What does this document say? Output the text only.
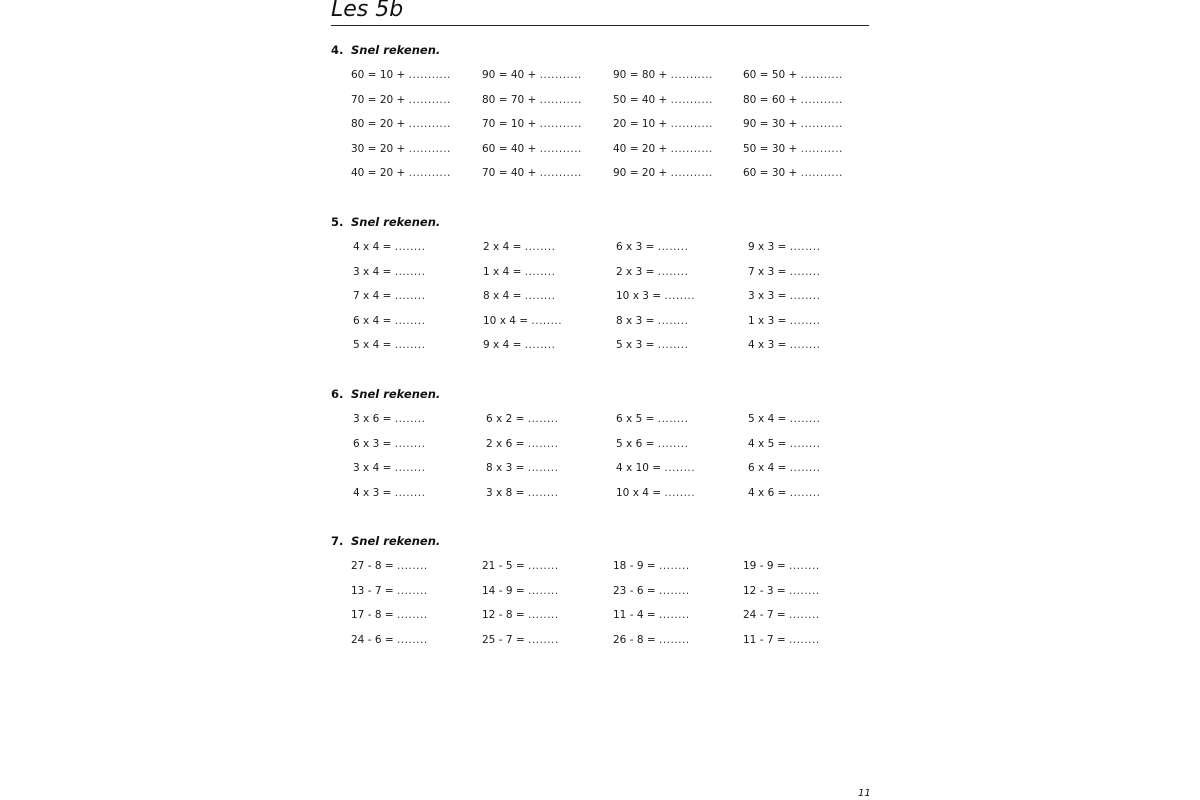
Les 5b
4. Snel rekenen.
60 = 10 + ...........	90 = 40 + ...........	90 = 80 + ...........	60 = 50 + ...........
70 = 20 + ...........	80 = 70 + ...........	50 = 40 + ...........	80 = 60 + ...........
80 = 20 + ...........	70 = 10 + ...........	20 = 10 + ...........	90 = 30 + ...........
30 = 20 + ...........	60 = 40 + ...........	40 = 20 + ...........	50 = 30 + ...........
40 = 20 + ...........	70 = 40 + ...........	90 = 20 + ...........	60 = 30 + ...........
5. Snel rekenen.
4 x 4 = ........	2 x 4 = ........	6 x 3 = ........	9 x 3 = ........
3 x 4 = ........	1 x 4 = ........	2 x 3 = ........	7 x 3 = ........
7 x 4 = ........	8 x 4 = ........	10 x 3 = ........	3 x 3 = ........
6 x 4 = ........	10 x 4 = ........	8 x 3 = ........	1 x 3 = ........
5 x 4 = ........	9 x 4 = ........	5 x 3 = ........	4 x 3 = ........
6. Snel rekenen.
3 x 6 = ........	6 x 2 = ........	6 x 5 = ........	5 x 4 = ........
6 x 3 = ........	2 x 6 = ........	5 x 6 = ........	4 x 5 = ........
3 x 4 = ........	8 x 3 = ........	4 x 10 = ........	6 x 4 = ........
4 x 3 = ........	3 x 8 = ........	10 x 4 = ........	4 x 6 = ........
7. Snel rekenen.
27 - 8 = ........	21 - 5 = ........	18 - 9 = ........	19 - 9 = ........
13 - 7 = ........	14 - 9 = ........	23 - 6 = ........	12 - 3 = ........
17 - 8 = ........	12 - 8 = ........	11 - 4 = ........	24 - 7 = ........
24 - 6 = ........	25 - 7 = ........	26 - 8 = ........	11 - 7 = ........
11
